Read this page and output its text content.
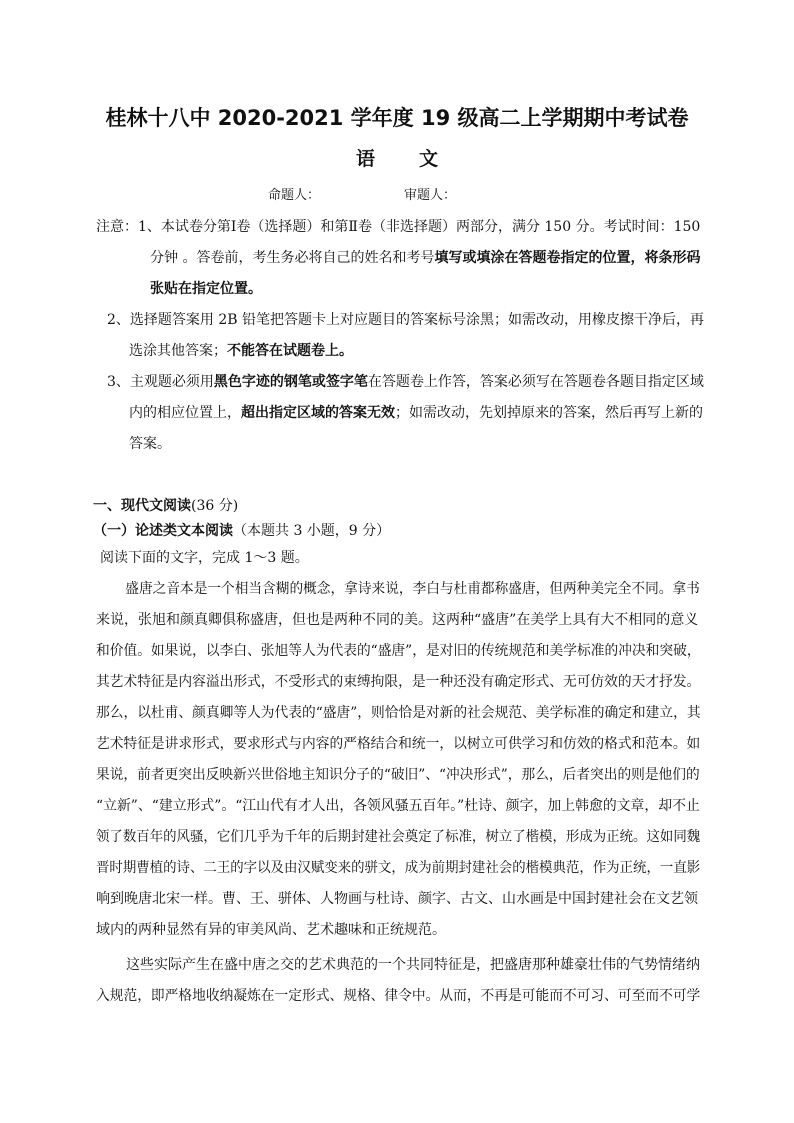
桂林十八中 2020-2021 学年度 19 级高二上学期期中考试卷
语 文
命题人：	审题人：
注意：1、本试卷分第Ⅰ卷（选择题）和第Ⅱ卷（非选择题）两部分，满分 150 分。考试时间：150
分钟 。答卷前，考生务必将自己的姓名和考号填写或填涂在答题卷指定的位置，将条形码
张贴在指定位置。
2、选择题答案用 2B 铅笔把答题卡上对应题目的答案标号涂黑；如需改动，用橡皮擦干净后，再
选涂其他答案；不能答在试题卷上。
3、主观题必须用黑色字迹的钢笔或签字笔在答题卷上作答，答案必须写在答题卷各题目指定区域
内的相应位置上，超出指定区域的答案无效；如需改动，先划掉原来的答案，然后再写上新的
答案。
一、现代文阅读(36 分)
（一）论述类文本阅读（本题共 3 小题，9 分）
阅读下面的文字，完成 1～3 题。
盛唐之音本是一个相当含糊的概念，拿诗来说，李白与杜甫都称盛唐，但两种美完全不同。拿书
来说，张旭和颜真卿俱称盛唐，但也是两种不同的美。这两种“盛唐”在美学上具有大不相同的意义
和价值。如果说，以李白、张旭等人为代表的“盛唐”，是对旧的传统规范和美学标准的冲决和突破，
其艺术特征是内容溢出形式，不受形式的束缚拘限，是一种还没有确定形式、无可仿效的天才抒发。
那么，以杜甫、颜真卿等人为代表的“盛唐”，则恰恰是对新的社会规范、美学标准的确定和建立，其
艺术特征是讲求形式，要求形式与内容的严格结合和统一，以树立可供学习和仿效的格式和范本。如
果说，前者更突出反映新兴世俗地主知识分子的“破旧”、“冲决形式”，那么，后者突出的则是他们的
“立新”、“建立形式”。“江山代有才人出，各领风骚五百年。”杜诗、颜字，加上韩愈的文章，却不止
领了数百年的风骚，它们几乎为千年的后期封建社会奠定了标准，树立了楷模，形成为正统。这如同魏
晋时期曹植的诗、二王的字以及由汉赋变来的骈文，成为前期封建社会的楷模典范，作为正统，一直影
响到晚唐北宋一样。曹、王、骈体、人物画与杜诗、颜字、古文、山水画是中国封建社会在文艺领
域内的两种显然有异的审美风尚、艺术趣味和正统规范。
这些实际产生在盛中唐之交的艺术典范的一个共同特征是，把盛唐那种雄豪壮伟的气势情绪纳
入规范，即严格地收纳凝炼在一定形式、规格、律令中。从而，不再是可能而不可习、可至而不可学
